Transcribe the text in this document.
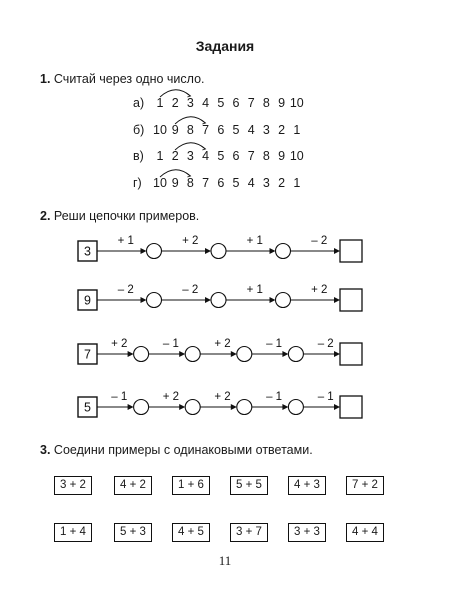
Задания
1. Считай через одно число.
а) 1 2 3 4 5 6 7 8 9 10
б) 10 9 8 7 6 5 4 3 2 1
в)	1 2 3 4 5 6 7 8 9 10
г) 10 9 8 7 6 5 4 3 2 1
2. Реши цепочки примеров.
3
+ 1	+ 2	+ 1	– 2
9
– 2	– 2	+ 1	+ 2
7
+ 2	– 1	+ 2	– 1	– 2
5
– 1	+ 2	+ 2	– 1	– 1
3. Соедини примеры с одинаковыми ответами.
3 + 2	4 + 2	1 + 6	5 + 5	4 + 3	7 + 2
1 + 4	5 + 3	4 + 5	3 + 7	3 + 3	4 + 4
11
